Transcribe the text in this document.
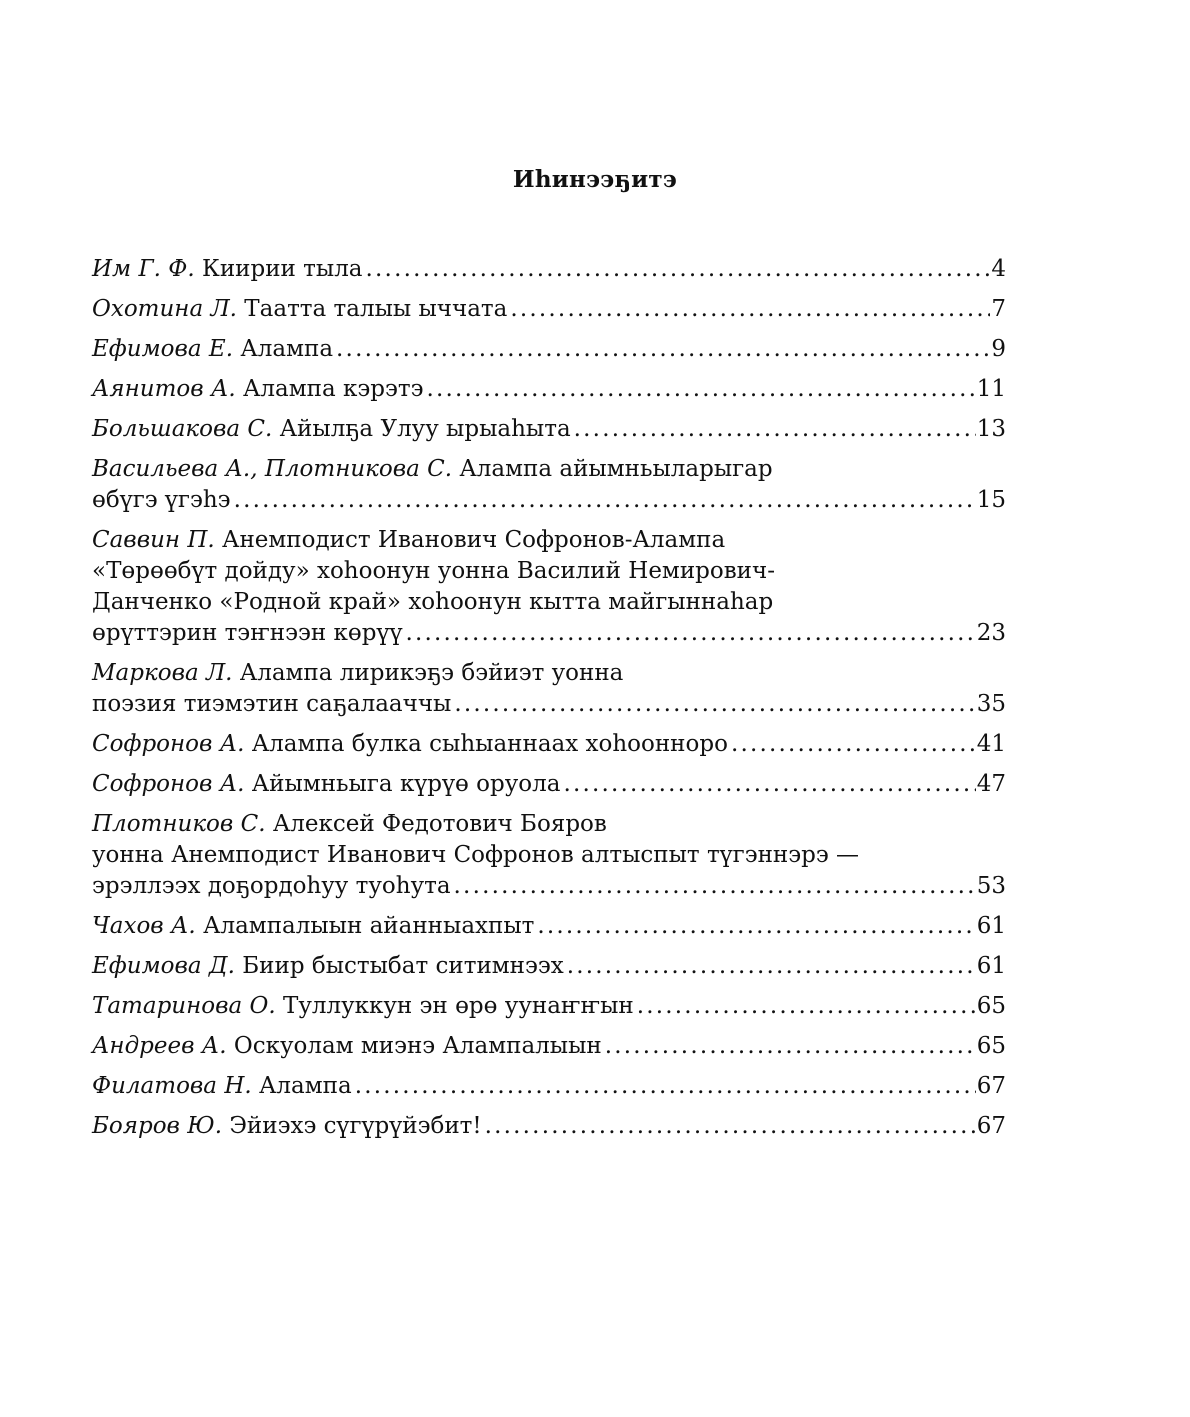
Иhинээҕитэ
Им Г. Ф. Киирии тыла .....	4
Охотина Л. Таатта талыы ыччата .....	7
Ефимова Е. Алампа .....	9
Аянитов А. Алампа кэрэтэ .....	11
Большакова С. Айылҕа Улуу ырыаhыта .....	13
Васильева А., Плотникова С. Алампа айымньыларыгар
өбүгэ үгэhэ .....	15
Саввин П. Анемподист Иванович Софронов-Алампа
«Төрөөбүт дойду» хоhоонун уонна Василий Немирович-
Данченко «Родной край» хоhоонун кытта майгыннаhар
өрүттэрин тэҥнээн көрүү .....	23
Маркова Л. Алампа лирикэҕэ бэйиэт уонна
поэзия тиэмэтин саҕалааччы .....	35
Софронов А. Алампа булка сыhыаннаах хоhооннорo .....	41
Софронов А. Айымньыга күрүө оруола .....	47
Плотников С. Алексей Федотович Бояров
уонна Анемподист Иванович Софронов алтыспыт түгэннэрэ —
эрэллээх доҕордоhуу туоhута .....	53
Чахов А. Алампалыын айанныахпыт .....	61
Ефимова Д. Биир быстыбат ситимнээх .....	61
Татаринова О. Туллуккун эн өрө уунаҥҥын .....	65
Андреев А. Оскуолам миэнэ Алампалыын .....	65
Филатова Н. Алампа .....	67
Бояров Ю. Эйиэхэ сүгүрүйэбит! .....	67
